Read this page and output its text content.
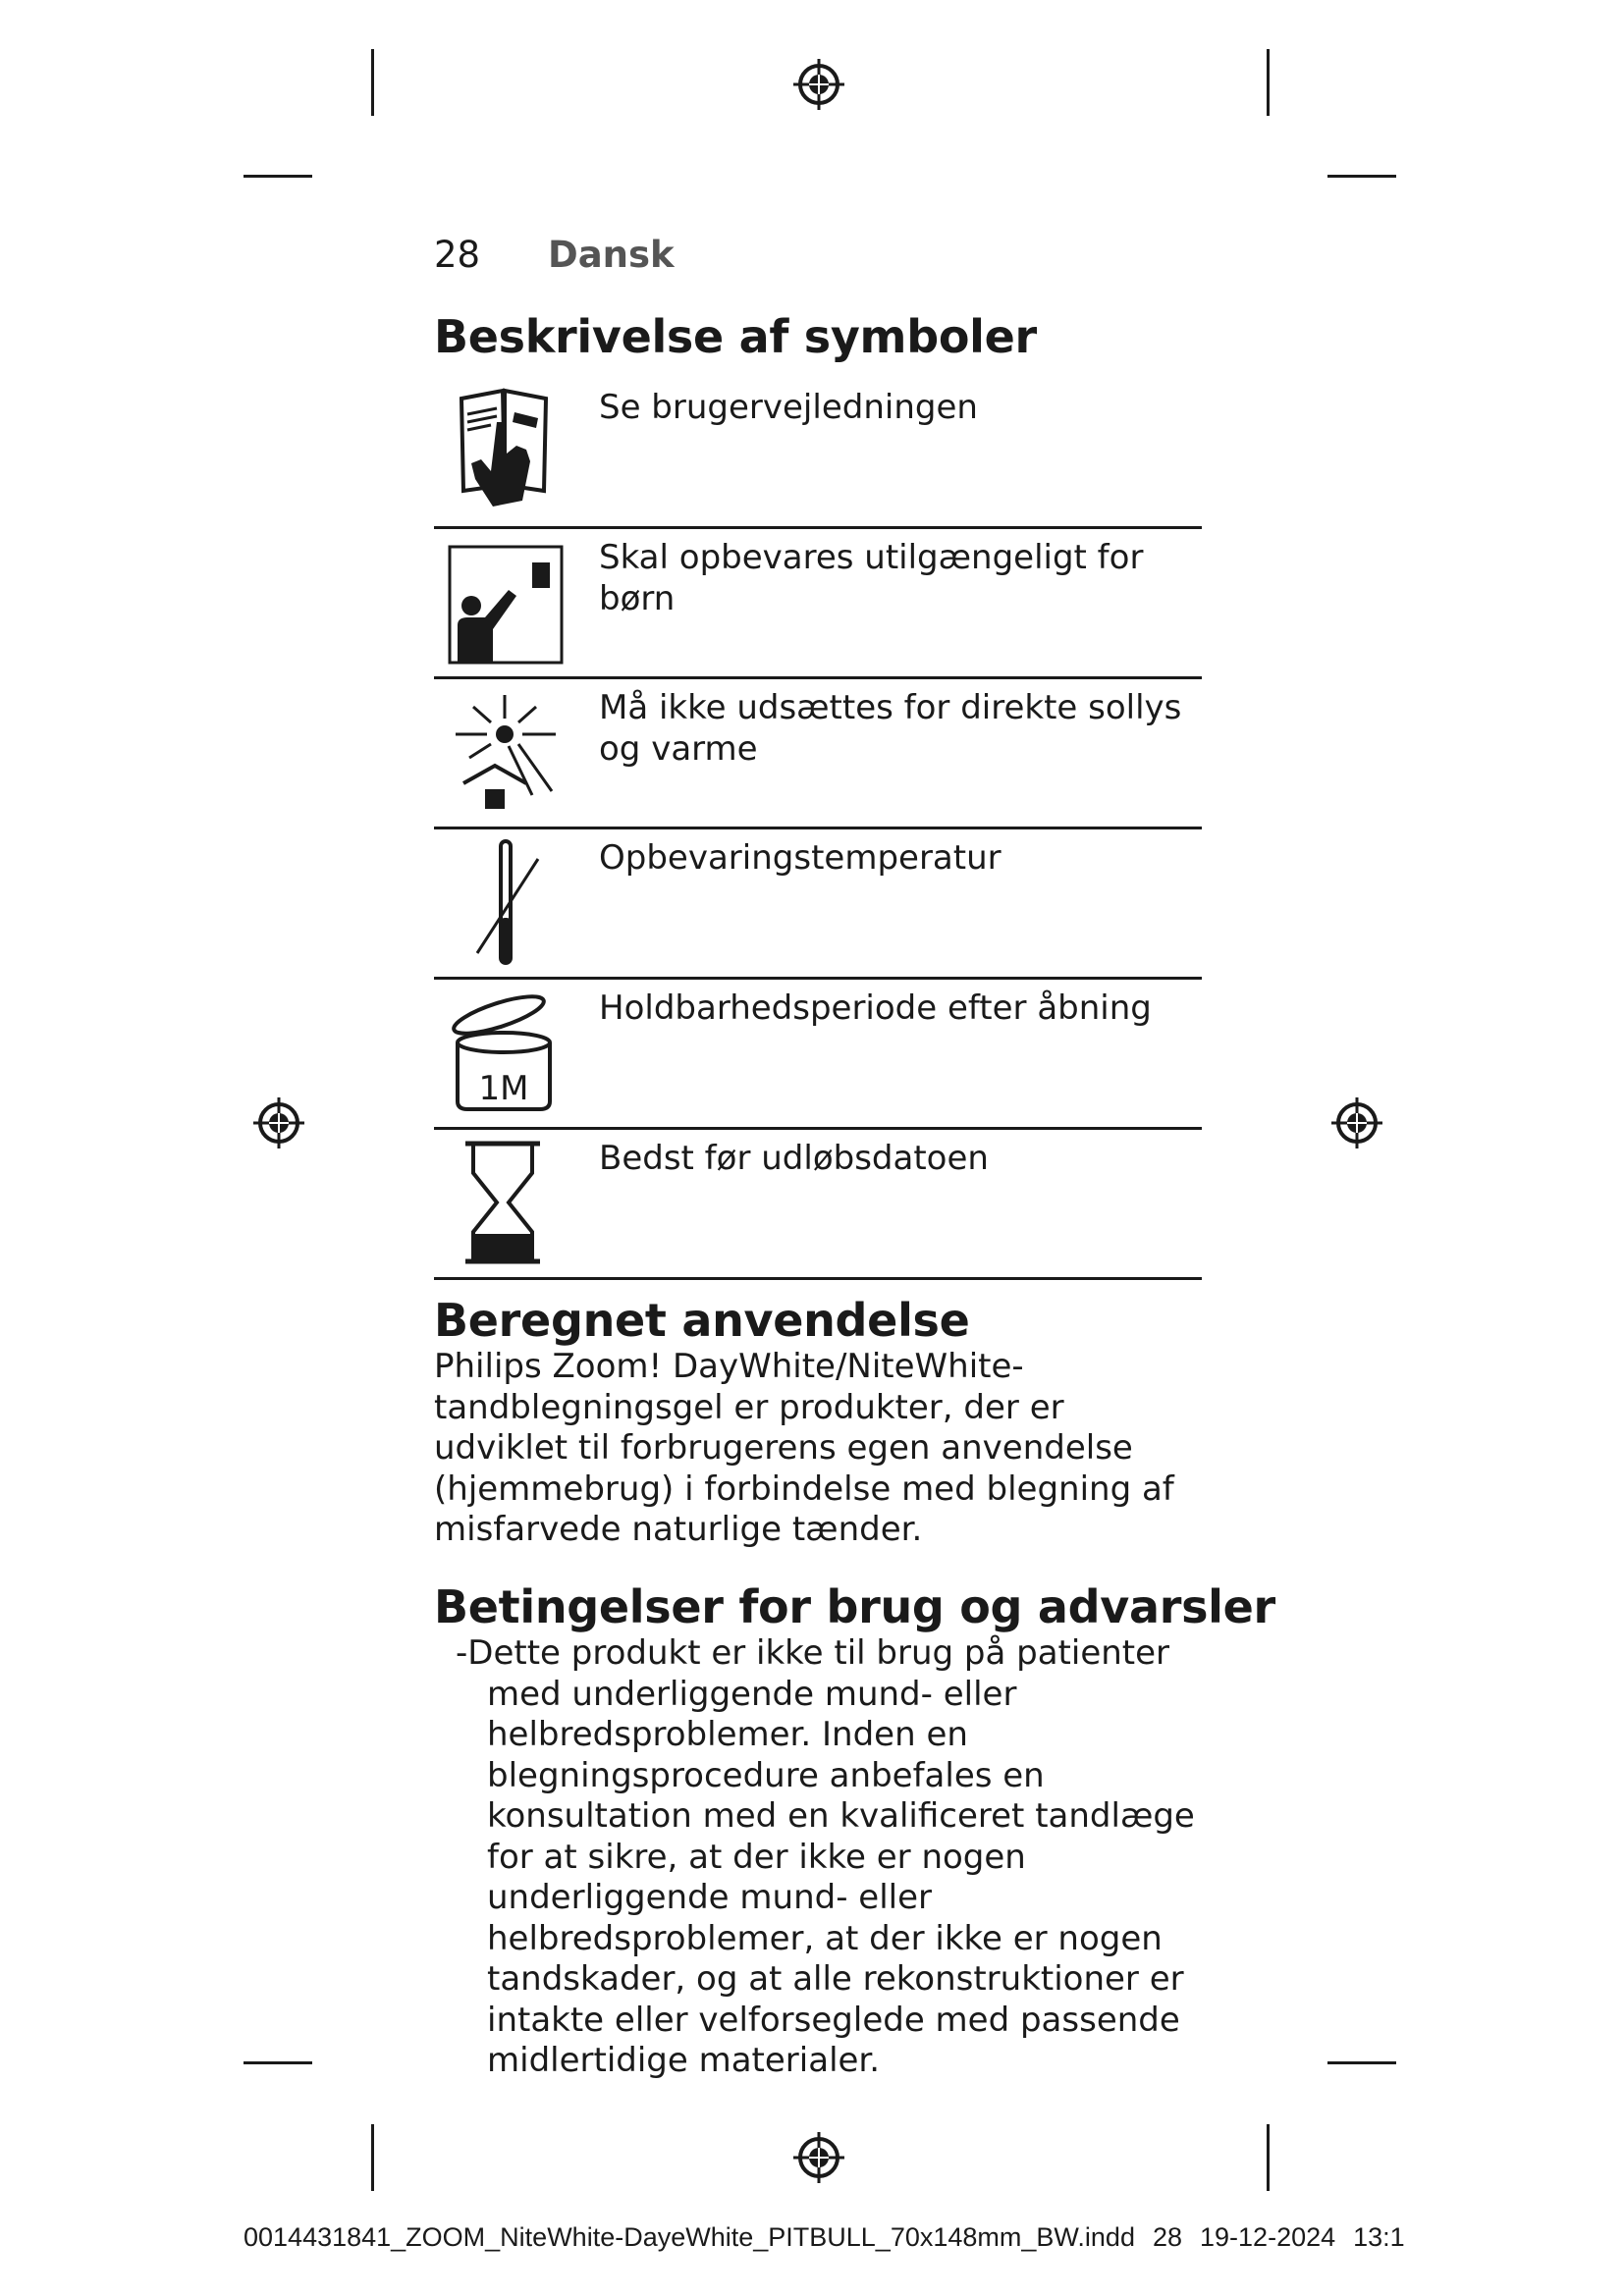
28 Dansk
Beskrivelse af symboler
Se brugervejledningen
Skal opbevares utilgængeligt for børn
Må ikke udsættes for direkte sollys og varme
Opbevaringstemperatur
1M
Holdbarhedsperiode efter åbning
Bedst før udløbsdatoen
Beregnet anvendelse
Philips Zoom! DayWhite/NiteWhite-tandblegningsgel er produkter, der er udviklet til forbrugerens egen anvendelse (hjemmebrug) i forbindelse med blegning af misfarvede naturlige tænder.
Betingelser for brug og advarsler
-Dette produkt er ikke til brug på patienter med underliggende mund- eller helbredsproblemer. Inden en blegningsprocedure anbefales en konsultation med en kvalificeret tandlæge for at sikre, at der ikke er nogen underliggende mund- eller helbredsproblemer, at der ikke er nogen tandskader, og at alle rekonstruktioner er intakte eller velforseglede med passende midlertidige materialer.
0014431841_ZOOM_NiteWhite-DayeWhite_PITBULL_70x148mm_BW.indd 28 19-12-2024 13:1
